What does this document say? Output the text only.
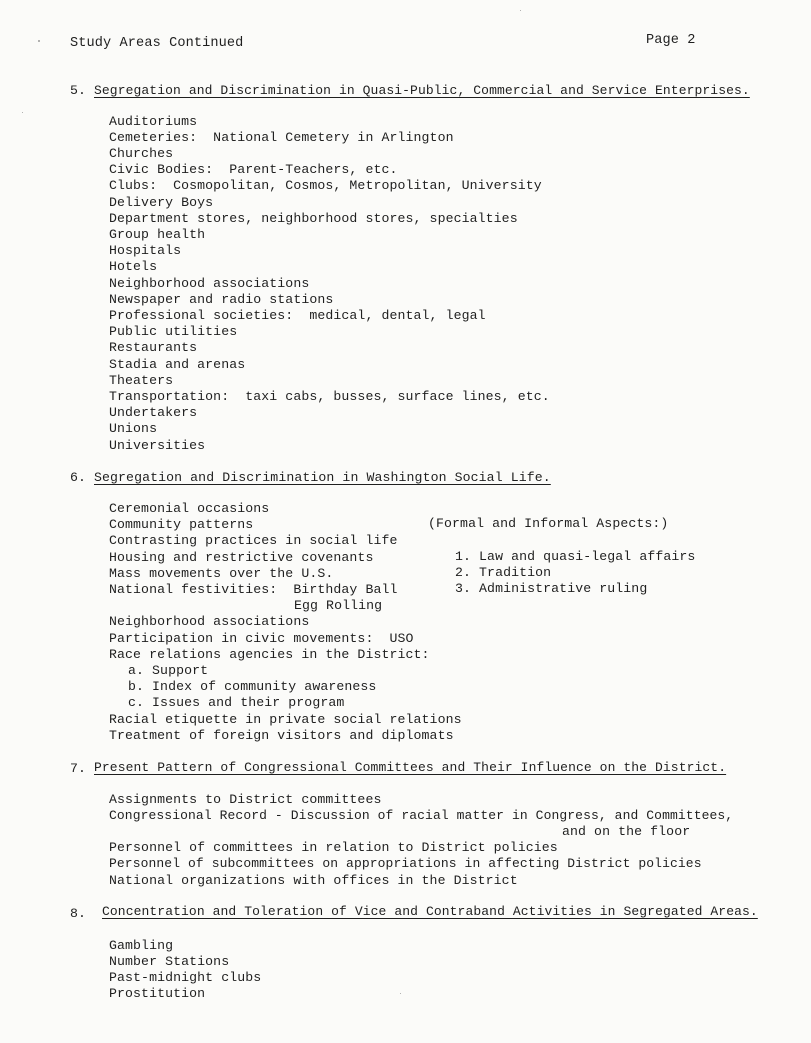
Study Areas Continued	Page 2
5. Segregation and Discrimination in Quasi-Public, Commercial and Service Enterprises.
Auditoriums
Cemeteries:  National Cemetery in Arlington
Churches
Civic Bodies:  Parent-Teachers, etc.
Clubs:  Cosmopolitan, Cosmos, Metropolitan, University
Delivery Boys
Department stores, neighborhood stores, specialties
Group health
Hospitals
Hotels
Neighborhood associations
Newspaper and radio stations
Professional societies:  medical, dental, legal
Public utilities
Restaurants
Stadia and arenas
Theaters
Transportation:  taxi cabs, busses, surface lines, etc.
Undertakers
Unions
Universities
6. Segregation and Discrimination in Washington Social Life.
Ceremonial occasions
Community patterns
Contrasting practices in social life
Housing and restrictive covenants
Mass movements over the U.S.
National festivities:  Birthday Ball
Egg Rolling
Neighborhood associations
Participation in civic movements:  USO
Race relations agencies in the District:
a. Support
b. Index of community awareness
c. Issues and their program
Racial etiquette in private social relations
Treatment of foreign visitors and diplomats
(Formal and Informal Aspects:)
1. Law and quasi-legal affairs
2. Tradition
3. Administrative ruling
7. Present Pattern of Congressional Committees and Their Influence on the District.
Assignments to District committees
Congressional Record - Discussion of racial matter in Congress, and Committees,
and on the floor
Personnel of committees in relation to District policies
Personnel of subcommittees on appropriations in affecting District policies
National organizations with offices in the District
8. Concentration and Toleration of Vice and Contraband Activities in Segregated Areas.
Gambling
Number Stations
Past-midnight clubs
Prostitution
